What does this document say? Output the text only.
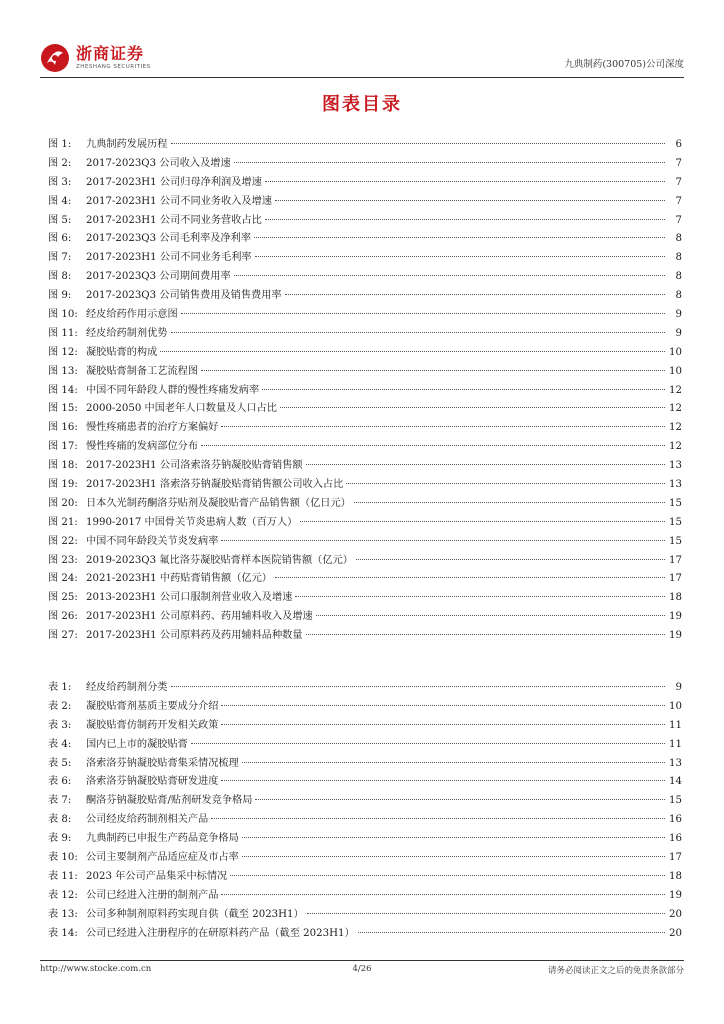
浙商证券
ZHESHANG SECURITIES	九典制药(300705)公司深度
图表目录
图 1:	九典制药发展历程	6
图 2:	2017-2023Q3 公司收入及增速	7
图 3:	2017-2023H1 公司归母净利润及增速	7
图 4:	2017-2023H1 公司不同业务收入及增速	7
图 5:	2017-2023H1 公司不同业务营收占比	7
图 6:	2017-2023Q3 公司毛利率及净利率	8
图 7:	2017-2023H1 公司不同业务毛利率	8
图 8:	2017-2023Q3 公司期间费用率	8
图 9:	2017-2023Q3 公司销售费用及销售费用率	8
图 10: 经皮给药作用示意图	9
图 11: 经皮给药制剂优势	9
图 12: 凝胶贴膏的构成	10
图 13: 凝胶贴膏制备工艺流程图	10
图 14: 中国不同年龄段人群的慢性疼痛发病率	12
图 15: 2000-2050 中国老年人口数量及人口占比	12
图 16: 慢性疼痛患者的治疗方案偏好	12
图 17: 慢性疼痛的发病部位分布	12
图 18: 2017-2023H1 公司洛索洛芬钠凝胶贴膏销售额	13
图 19: 2017-2023H1 洛索洛芬钠凝胶贴膏销售额公司收入占比	13
图 20: 日本久光制药酮洛芬贴剂及凝胶贴膏产品销售额（亿日元）	15
图 21: 1990-2017 中国骨关节炎患病人数（百万人）	15
图 22: 中国不同年龄段关节炎发病率	15
图 23: 2019-2023Q3 氟比洛芬凝胶贴膏样本医院销售额（亿元）	17
图 24: 2021-2023H1 中药贴膏销售额（亿元）	17
图 25: 2013-2023H1 公司口服制剂营业收入及增速	18
图 26: 2017-2023H1 公司原料药、药用辅料收入及增速	19
图 27: 2017-2023H1 公司原料药及药用辅料品种数量	19
表 1:	经皮给药制剂分类	9
表 2:	凝胶贴膏剂基质主要成分介绍	10
表 3:	凝胶贴膏仿制药开发相关政策	11
表 4:	国内已上市的凝胶贴膏	11
表 5:	洛索洛芬钠凝胶贴膏集采情况梳理	13
表 6:	洛索洛芬钠凝胶贴膏研发进度	14
表 7:	酮洛芬钠凝胶贴膏/贴剂研发竞争格局	15
表 8:	公司经皮给药制剂相关产品	16
表 9:	九典制药已申报生产药品竞争格局	16
表 10: 公司主要制剂产品适应症及市占率	17
表 11: 2023 年公司产品集采中标情况	18
表 12: 公司已经进入注册的制剂产品	19
表 13: 公司多种制剂原料药实现自供（截至 2023H1）	20
表 14: 公司已经进入注册程序的在研原料药产品（截至 2023H1）	20
http://www.stocke.com.cn	4/26	请务必阅读正文之后的免责条款部分
